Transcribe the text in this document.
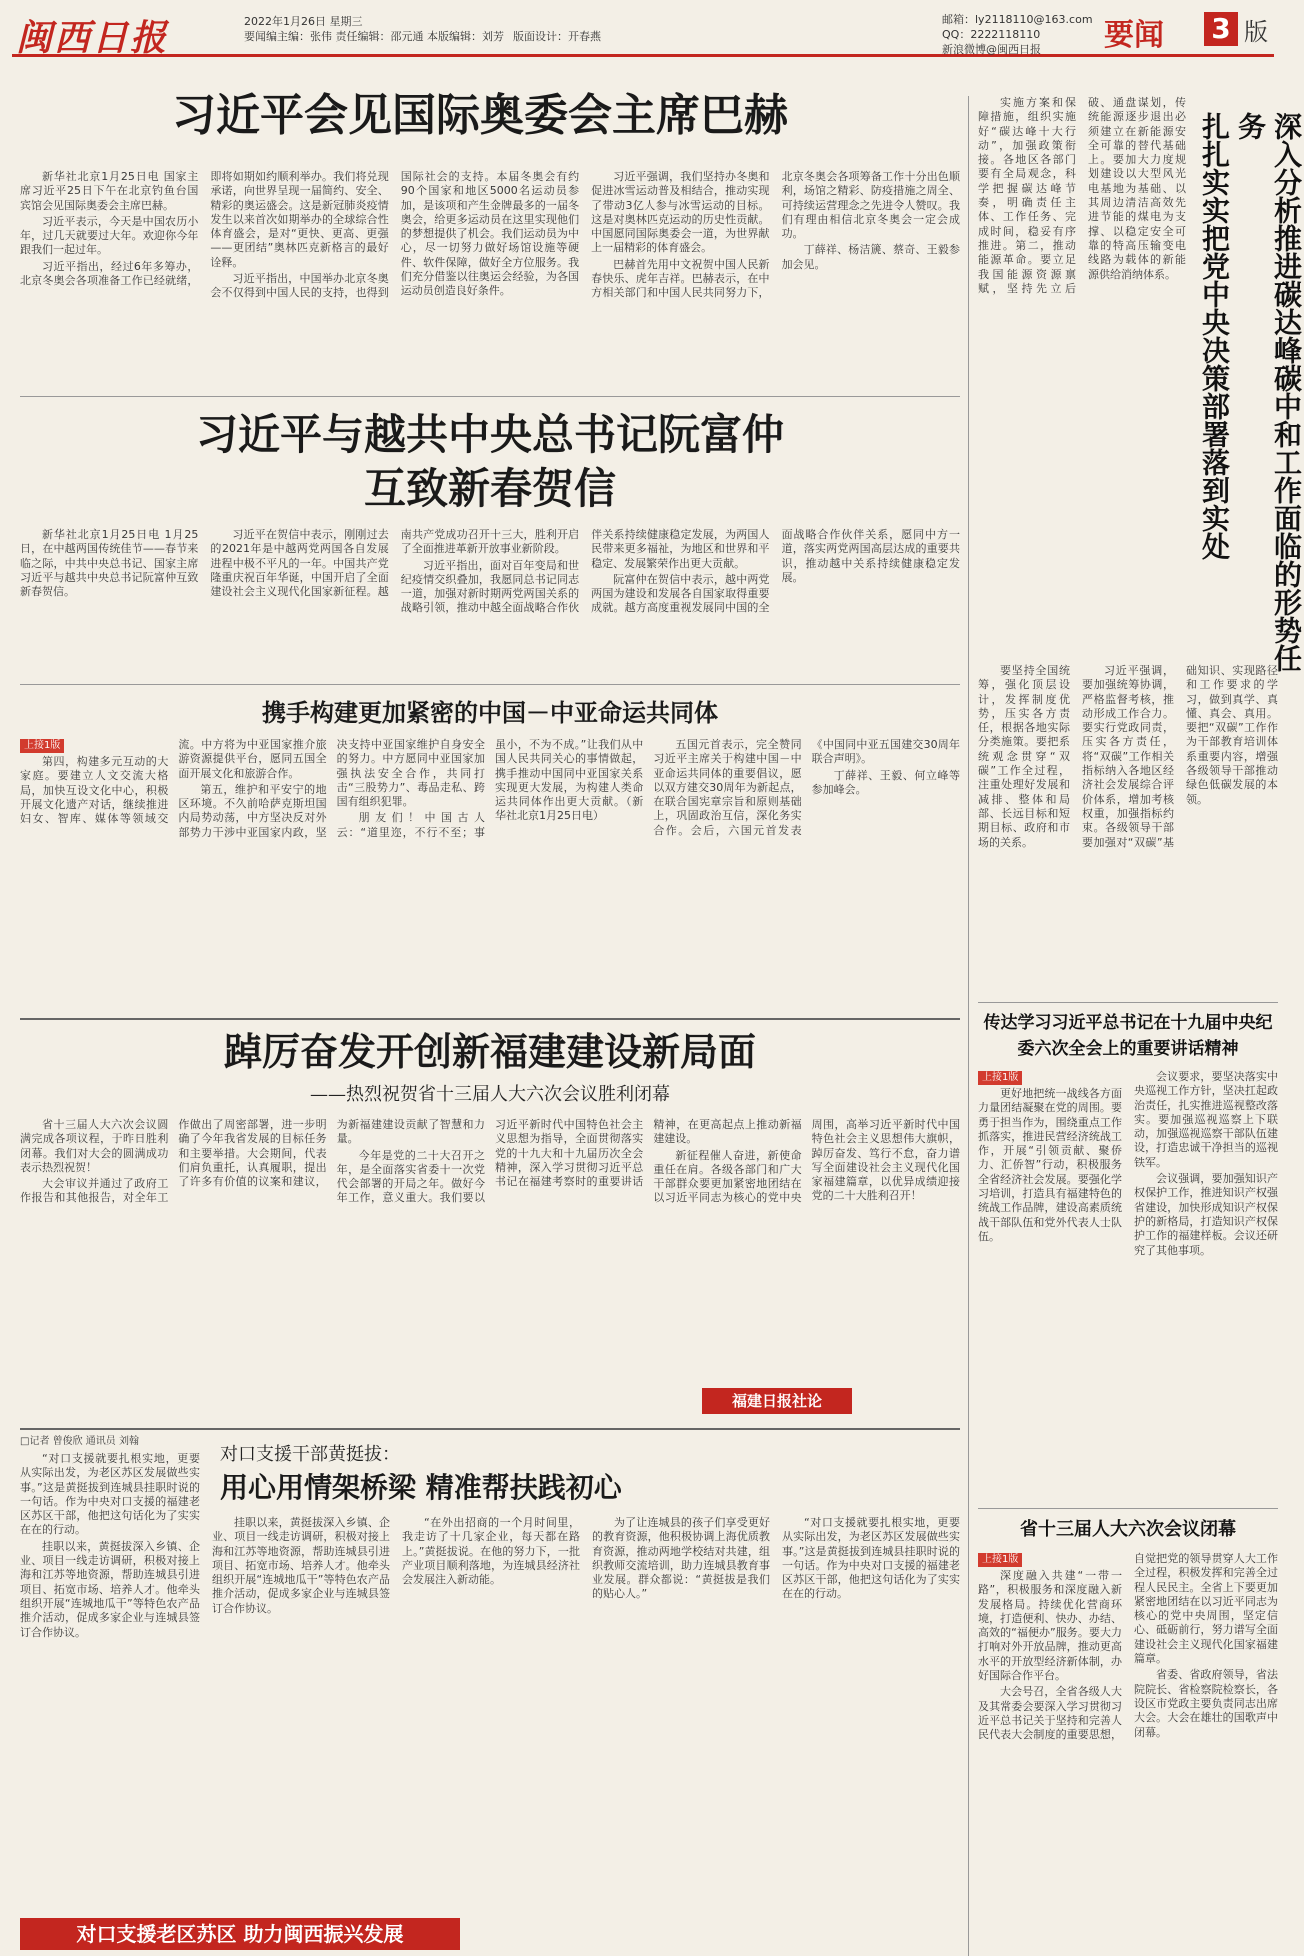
闽西日报	2022年1月26日 星期三
要闻编主编：张伟 责任编辑：邵元通 本版编辑：刘芳 版面设计：开春燕
邮箱：ly2118110@163.com
QQ：2222118110
新浪微博@闽西日报	要闻 3 版
习近平会见国际奥委会主席巴赫

新华社北京1月25日电 国家主席习近平25日下午在北京钓鱼台国宾馆会见国际奥委会主席巴赫。

习近平表示，今天是中国农历小年，过几天就要过大年。欢迎你今年跟我们一起过年。

习近平指出，经过6年多筹办，北京冬奥会各项准备工作已经就绪，即将如期如约顺利举办。我们将兑现承诺，向世界呈现一届简约、安全、精彩的奥运盛会。这是新冠肺炎疫情发生以来首次如期举办的全球综合性体育盛会，是对“更快、更高、更强——更团结”奥林匹克新格言的最好诠释。

习近平指出，中国举办北京冬奥会不仅得到中国人民的支持，也得到国际社会的支持。本届冬奥会有约90个国家和地区5000名运动员参加，是该项和产生金牌最多的一届冬奥会，给更多运动员在这里实现他们的梦想提供了机会。我们运动员为中心，尽一切努力做好场馆设施等硬件、软件保障，做好全方位服务。我们充分借鉴以往奥运会经验，为各国运动员创造良好条件。

习近平强调，我们坚持办冬奥和促进冰雪运动普及相结合，推动实现了带动3亿人参与冰雪运动的目标。这是对奥林匹克运动的历史性贡献。中国愿同国际奥委会一道，为世界献上一届精彩的体育盛会。

巴赫首先用中文祝贺中国人民新春快乐、虎年吉祥。巴赫表示，在中方相关部门和中国人民共同努力下，北京冬奥会各项筹备工作十分出色顺利，场馆之精彩、防疫措施之周全、可持续运营理念之先进令人赞叹。我们有理由相信北京冬奥会一定会成功。

丁薛祥、杨洁篪、蔡奇、王毅参加会见。

习近平与越共中央总书记阮富仲
互致新春贺信

新华社北京1月25日电 1月25日，在中越两国传统佳节——春节来临之际，中共中央总书记、国家主席习近平与越共中央总书记阮富仲互致新春贺信。

习近平在贺信中表示，刚刚过去的2021年是中越两党两国各自发展进程中极不平凡的一年。中国共产党隆重庆祝百年华诞，中国开启了全面建设社会主义现代化国家新征程。越南共产党成功召开十三大，胜利开启了全面推进革新开放事业新阶段。

习近平指出，面对百年变局和世纪疫情交织叠加，我愿同总书记同志一道，加强对新时期两党两国关系的战略引领，推动中越全面战略合作伙伴关系持续健康稳定发展，为两国人民带来更多福祉，为地区和世界和平稳定、发展繁荣作出更大贡献。

阮富仲在贺信中表示，越中两党两国为建设和发展各自国家取得重要成就。越方高度重视发展同中国的全面战略合作伙伴关系，愿同中方一道，落实两党两国高层达成的重要共识，推动越中关系持续健康稳定发展。

携手构建更加紧密的中国－中亚命运共同体

上接1版

第四，构建多元互动的大家庭。要建立人文交流大格局，加快互设文化中心，积极开展文化遗产对话，继续推进妇女、智库、媒体等领域交流。中方将为中亚国家推介旅游资源提供平台，愿同五国全面开展文化和旅游合作。

第五，维护和平安宁的地区环境。不久前哈萨克斯坦国内局势动荡，中方坚决反对外部势力干涉中亚国家内政，坚决支持中亚国家维护自身安全的努力。中方愿同中亚国家加强执法安全合作，共同打击“三股势力”、毒品走私、跨国有组织犯罪。

朋友们！中国古人云：“道里迩，不行不至；事虽小，不为不成。”让我们从中国人民共同关心的事情做起，携手推动中国同中亚国家关系实现更大发展，为构建人类命运共同体作出更大贡献。（新华社北京1月25日电）

五国元首表示，完全赞同习近平主席关于构建中国－中亚命运共同体的重要倡议，愿以双方建交30周年为新起点，在联合国宪章宗旨和原则基础上，巩固政治互信，深化务实合作。会后，六国元首发表《中国同中亚五国建交30周年联合声明》。

丁薛祥、王毅、何立峰等参加峰会。

深入分析推进碳达峰碳中和工作面临的形势任务
扎扎实实把党中央决策部署落到实处

实施方案和保障措施，组织实施好“碳达峰十大行动”，加强政策衔接。各地区各部门要有全局观念，科学把握碳达峰节奏，明确责任主体、工作任务、完成时间，稳妥有序推进。第二，推动能源革命。要立足我国能源资源禀赋，坚持先立后破、通盘谋划，传统能源逐步退出必须建立在新能源安全可靠的替代基础上。要加大力度规划建设以大型风光电基地为基础、以其周边清洁高效先进节能的煤电为支撑、以稳定安全可靠的特高压输变电线路为载体的新能源供给消纳体系。

要坚持全国统筹，强化顶层设计，发挥制度优势，压实各方责任，根据各地实际分类施策。要把系统观念贯穿“双碳”工作全过程，注重处理好发展和减排、整体和局部、长远目标和短期目标、政府和市场的关系。

习近平强调，要加强统筹协调，严格监督考核，推动形成工作合力。要实行党政同责，压实各方责任，将“双碳”工作相关指标纳入各地区经济社会发展综合评价体系，增加考核权重，加强指标约束。各级领导干部要加强对“双碳”基础知识、实现路径和工作要求的学习，做到真学、真懂、真会、真用。要把“双碳”工作作为干部教育培训体系重要内容，增强各级领导干部推动绿色低碳发展的本领。

传达学习习近平总书记在十九届中央纪委六次全会上的重要讲话精神

上接1版

更好地把统一战线各方面力量团结凝聚在党的周围。要勇于担当作为，围绕重点工作抓落实，推进民营经济统战工作，开展“引领贡献、聚侨力、汇侨智”行动，积极服务全省经济社会发展。要强化学习培训，打造具有福建特色的统战工作品牌，建设高素质统战干部队伍和党外代表人士队伍。

会议要求，要坚决落实中央巡视工作方针，坚决扛起政治责任，扎实推进巡视整改落实。要加强巡视巡察上下联动，加强巡视巡察干部队伍建设，打造忠诚干净担当的巡视铁军。

会议强调，要加强知识产权保护工作，推进知识产权强省建设，加快形成知识产权保护的新格局，打造知识产权保护工作的福建样板。会议还研究了其他事项。

省十三届人大六次会议闭幕

上接1版

深度融入共建“一带一路”，积极服务和深度融入新发展格局。持续优化营商环境，打造便利、快办、办结、高效的“福便办”服务。要大力打响对外开放品牌，推动更高水平的开放型经济新体制，办好国际合作平台。

大会号召，全省各级人大及其常委会要深入学习贯彻习近平总书记关于坚持和完善人民代表大会制度的重要思想，自觉把党的领导贯穿人大工作全过程，积极发挥和完善全过程人民民主。全省上下要更加紧密地团结在以习近平同志为核心的党中央周围，坚定信心、砥砺前行，努力谱写全面建设社会主义现代化国家福建篇章。

省委、省政府领导，省法院院长、省检察院检察长，各设区市党政主要负责同志出席大会。大会在雄壮的国歌声中闭幕。

踔厉奋发开创新福建建设新局面
——热烈祝贺省十三届人大六次会议胜利闭幕

省十三届人大六次会议圆满完成各项议程，于昨日胜利闭幕。我们对大会的圆满成功表示热烈祝贺！

大会审议并通过了政府工作报告和其他报告，对全年工作做出了周密部署，进一步明确了今年我省发展的目标任务和主要举措。大会期间，代表们肩负重托，认真履职，提出了许多有价值的议案和建议，为新福建建设贡献了智慧和力量。

今年是党的二十大召开之年，是全面落实省委十一次党代会部署的开局之年。做好今年工作，意义重大。我们要以习近平新时代中国特色社会主义思想为指导，全面贯彻落实党的十九大和十九届历次全会精神，深入学习贯彻习近平总书记在福建考察时的重要讲话精神，在更高起点上推动新福建建设。

新征程催人奋进，新使命重任在肩。各级各部门和广大干部群众要更加紧密地团结在以习近平同志为核心的党中央周围，高举习近平新时代中国特色社会主义思想伟大旗帜，踔厉奋发、笃行不怠，奋力谱写全面建设社会主义现代化国家福建篇章，以优异成绩迎接党的二十大胜利召开！

福建日报社论
□记者 曾俊欣 通讯员 刘翰
对口支援干部黄挺拔：
用心用情架桥梁 精准帮扶践初心

“对口支援就要扎根实地，更要从实际出发，为老区苏区发展做些实事。”这是黄挺拔到连城县挂职时说的一句话。作为中央对口支援的福建老区苏区干部，他把这句话化为了实实在在的行动。

挂职以来，黄挺拔深入乡镇、企业、项目一线走访调研，积极对接上海和江苏等地资源，帮助连城县引进项目、拓宽市场、培养人才。他牵头组织开展“连城地瓜干”等特色农产品推介活动，促成多家企业与连城县签订合作协议。

挂职以来，黄挺拔深入乡镇、企业、项目一线走访调研，积极对接上海和江苏等地资源，帮助连城县引进项目、拓宽市场、培养人才。他牵头组织开展“连城地瓜干”等特色农产品推介活动，促成多家企业与连城县签订合作协议。

“在外出招商的一个月时间里，我走访了十几家企业，每天都在路上。”黄挺拔说。在他的努力下，一批产业项目顺利落地，为连城县经济社会发展注入新动能。

为了让连城县的孩子们享受更好的教育资源，他积极协调上海优质教育资源，推动两地学校结对共建，组织教师交流培训，助力连城县教育事业发展。群众都说：“黄挺拔是我们的贴心人。”

“对口支援就要扎根实地，更要从实际出发，为老区苏区发展做些实事。”这是黄挺拔到连城县挂职时说的一句话。作为中央对口支援的福建老区苏区干部，他把这句话化为了实实在在的行动。

对口支援老区苏区 助力闽西振兴发展
